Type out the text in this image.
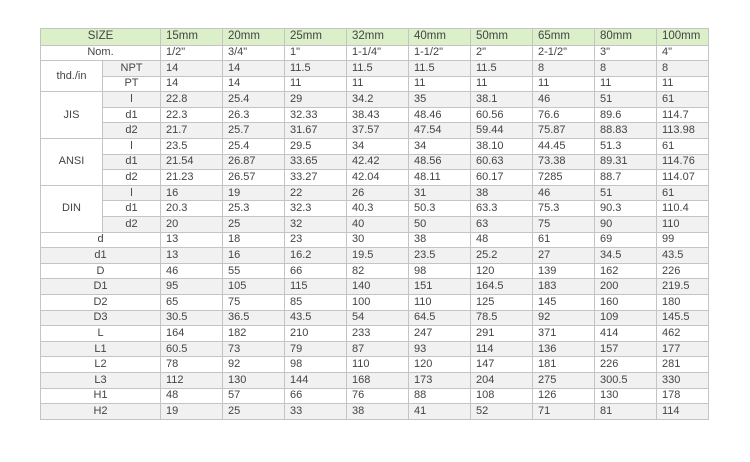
SIZE		15mm	20mm	25mm	32mm	40mm	50mm	65mm	80mm	100mm
Nom.		1/2"	3/4"	1"	1-1/4"	1-1/2"	2"	2-1/2"	3"	4"
thd./in	NPT	14	14	11.5	11.5	11.5	11.5	8	8	8
	PT	14	14	11	11	11	11	11	11	11
JIS	l	22.8	25.4	29	34.2	35	38.1	46	51	61
	d1	22.3	26.3	32.33	38.43	48.46	60.56	76.6	89.6	114.7
	d2	21.7	25.7	31.67	37.57	47.54	59.44	75.87	88.83	113.98
ANSI	l	23.5	25.4	29.5	34	34	38.10	44.45	51.3	61
	d1	21.54	26.87	33.65	42.42	48.56	60.63	73.38	89.31	114.76
	d2	21.23	26.57	33.27	42.04	48.11	60.17	7285	88.7	114.07
DIN	l	16	19	22	26	31	38	46	51	61
	d1	20.3	25.3	32.3	40.3	50.3	63.3	75.3	90.3	110.4
	d2	20	25	32	40	50	63	75	90	110
d		13	18	23	30	38	48	61	69	99
d1		13	16	16.2	19.5	23.5	25.2	27	34.5	43.5
D		46	55	66	82	98	120	139	162	226
D1		95	105	115	140	151	164.5	183	200	219.5
D2		65	75	85	100	110	125	145	160	180
D3		30.5	36.5	43.5	54	64.5	78.5	92	109	145.5
L		164	182	210	233	247	291	371	414	462
L1		60.5	73	79	87	93	114	136	157	177
L2		78	92	98	110	120	147	181	226	281
L3		112	130	144	168	173	204	275	300.5	330
H1		48	57	66	76	88	108	126	130	178
H2		19	25	33	38	41	52	71	81	114
